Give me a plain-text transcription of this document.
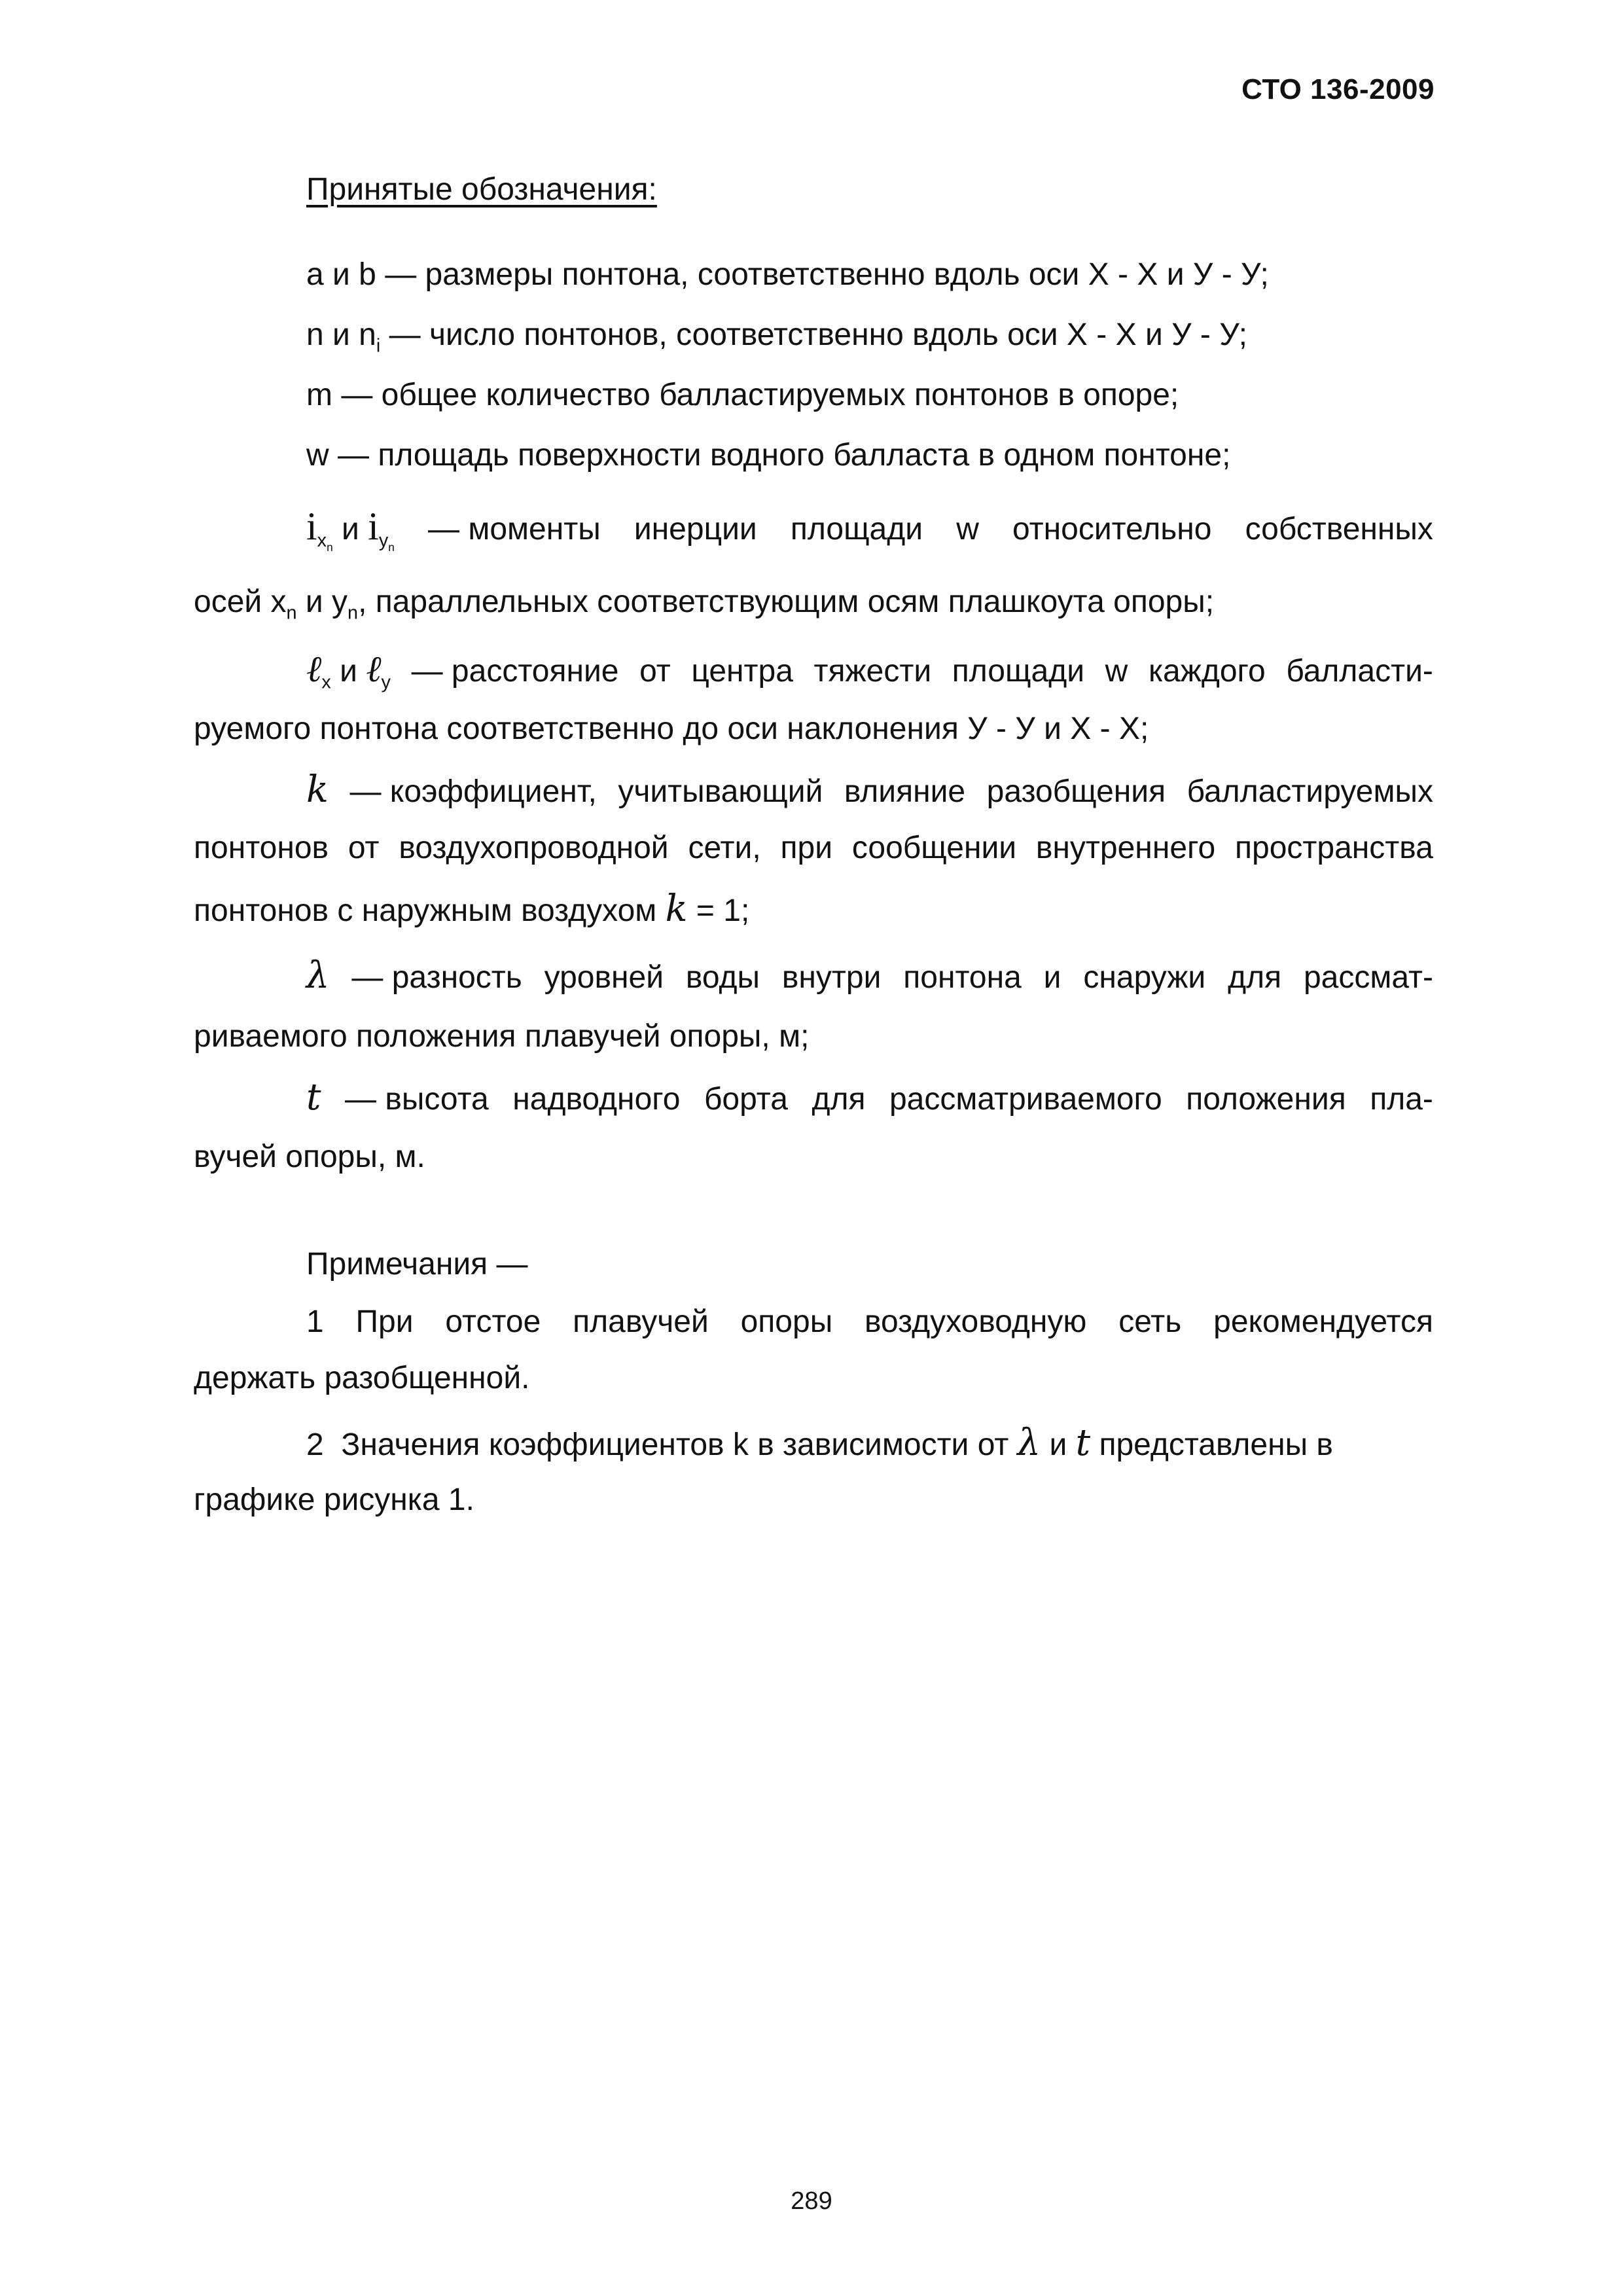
СТО 136-2009
Принятые обозначения:
a и b — размеры понтона, соответственно вдоль оси Х - Х и У - У;
n и $n_i$ — число понтонов, соответственно вдоль оси Х - Х и У - У;
m — общее количество балластируемых понтонов в опоре;
w — площадь поверхности водного балласта в одном понтоне;
$i_{x_n}$ и $i_{y_n}$
— моменты инерции площади w относительно собственных
осей $x_n$ и $y_n$, параллельных соответствующим осям плашкоута опоры;
ℓ$_x$ и ℓ$_y$ — расстояние от центра тяжести площади w каждого балласти-
руемого понтона соответственно до оси наклонения У - У и Х - Х;
k — коэффициент, учитывающий влияние разобщения балластируемых
понтонов от воздухопроводной сети, при сообщении внутреннего пространства
понтонов с наружным воздухом k = 1;
λ — разность уровней воды внутри понтона и снаружи для рассмат-
риваемого положения плавучей опоры, м;
t — высота надводного борта для рассматриваемого положения пла-
вучей опоры, м.
Примечания —
1 При отстое плавучей опоры воздуховодную сеть рекомендуется
держать разобщенной.
2  Значения коэффициентов k в зависимости от λ и t представлены в
графике рисунка 1.
289
